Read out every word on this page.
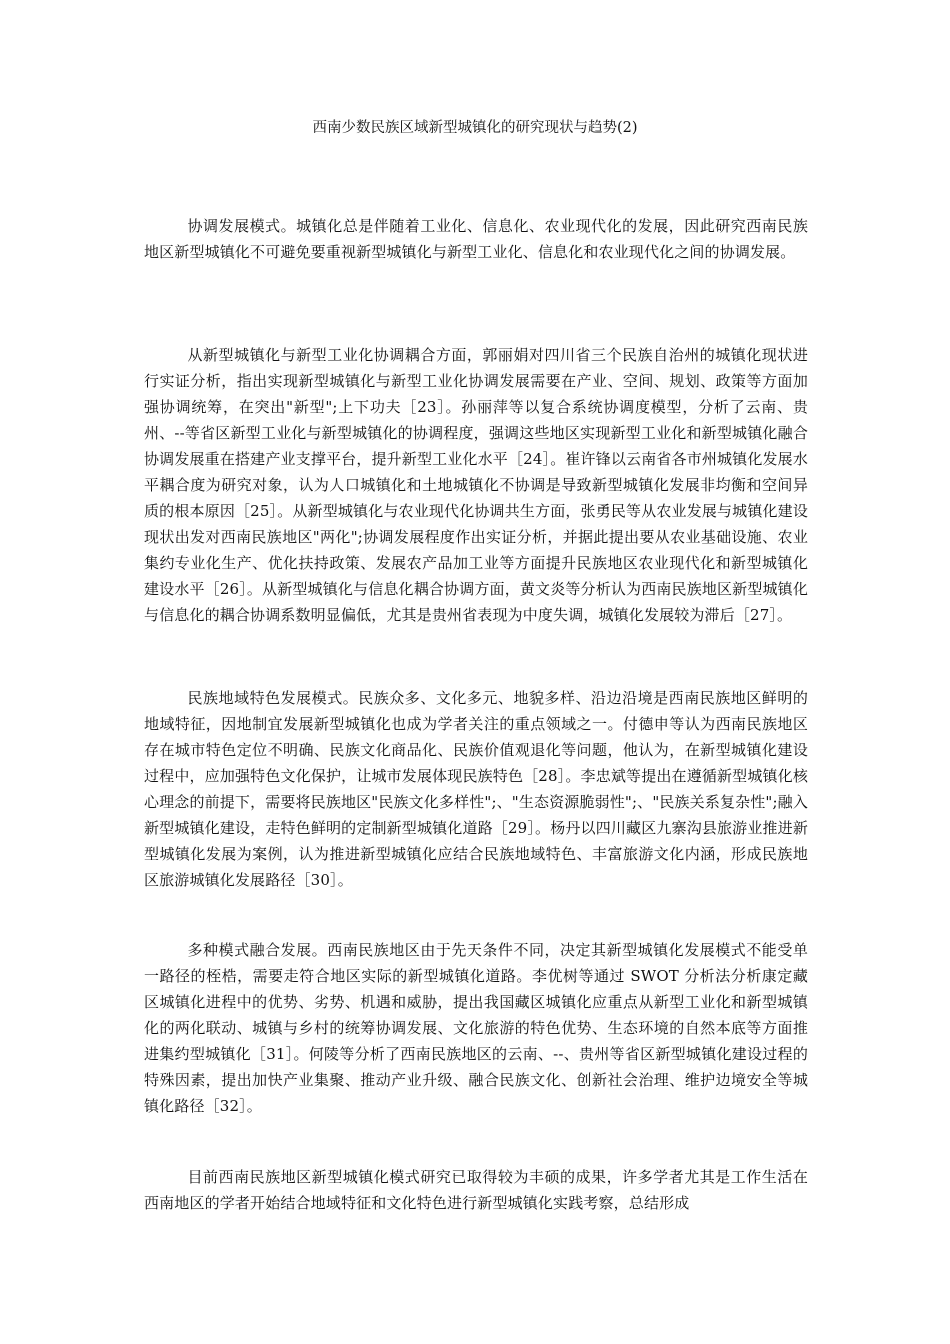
西南少数民族区域新型城镇化的研究现状与趋势(2)

协调发展模式。城镇化总是伴随着工业化、信息化、农业现代化的发展，因此研究西南民族地区新型城镇化不可避免要重视新型城镇化与新型工业化、信息化和农业现代化之间的协调发展。

从新型城镇化与新型工业化协调耦合方面，郭丽娟对四川省三个民族自治州的城镇化现状进行实证分析，指出实现新型城镇化与新型工业化协调发展需要在产业、空间、规划、政策等方面加强协调统筹，在突出"新型";上下功夫［23］。孙丽萍等以复合系统协调度模型，分析了云南、贵州、--等省区新型工业化与新型城镇化的协调程度，强调这些地区实现新型工业化和新型城镇化融合协调发展重在搭建产业支撑平台，提升新型工业化水平［24］。崔许锋以云南省各市州城镇化发展水平耦合度为研究对象，认为人口城镇化和土地城镇化不协调是导致新型城镇化发展非均衡和空间异质的根本原因［25］。从新型城镇化与农业现代化协调共生方面，张勇民等从农业发展与城镇化建设现状出发对西南民族地区"两化";协调发展程度作出实证分析，并据此提出要从农业基础设施、农业集约专业化生产、优化扶持政策、发展农产品加工业等方面提升民族地区农业现代化和新型城镇化建设水平［26］。从新型城镇化与信息化耦合协调方面，黄文炎等分析认为西南民族地区新型城镇化与信息化的耦合协调系数明显偏低，尤其是贵州省表现为中度失调，城镇化发展较为滞后［27］。

民族地域特色发展模式。民族众多、文化多元、地貌多样、沿边沿境是西南民族地区鲜明的地域特征，因地制宜发展新型城镇化也成为学者关注的重点领域之一。付德申等认为西南民族地区存在城市特色定位不明确、民族文化商品化、民族价值观退化等问题，他认为，在新型城镇化建设过程中，应加强特色文化保护，让城市发展体现民族特色［28］。李忠斌等提出在遵循新型城镇化核心理念的前提下，需要将民族地区"民族文化多样性";、"生态资源脆弱性";、"民族关系复杂性";融入新型城镇化建设，走特色鲜明的定制新型城镇化道路［29］。杨丹以四川藏区九寨沟县旅游业推进新型城镇化发展为案例，认为推进新型城镇化应结合民族地域特色、丰富旅游文化内涵，形成民族地区旅游城镇化发展路径［30］。

多种模式融合发展。西南民族地区由于先天条件不同，决定其新型城镇化发展模式不能受单一路径的桎梏，需要走符合地区实际的新型城镇化道路。李优树等通过 SWOT 分析法分析康定藏区城镇化进程中的优势、劣势、机遇和威胁，提出我国藏区城镇化应重点从新型工业化和新型城镇化的两化联动、城镇与乡村的统筹协调发展、文化旅游的特色优势、生态环境的自然本底等方面推进集约型城镇化［31］。何陵等分析了西南民族地区的云南、--、贵州等省区新型城镇化建设过程的特殊因素，提出加快产业集聚、推动产业升级、融合民族文化、创新社会治理、维护边境安全等城镇化路径［32］。

目前西南民族地区新型城镇化模式研究已取得较为丰硕的成果，许多学者尤其是工作生活在西南地区的学者开始结合地域特征和文化特色进行新型城镇化实践考察，总结形成
